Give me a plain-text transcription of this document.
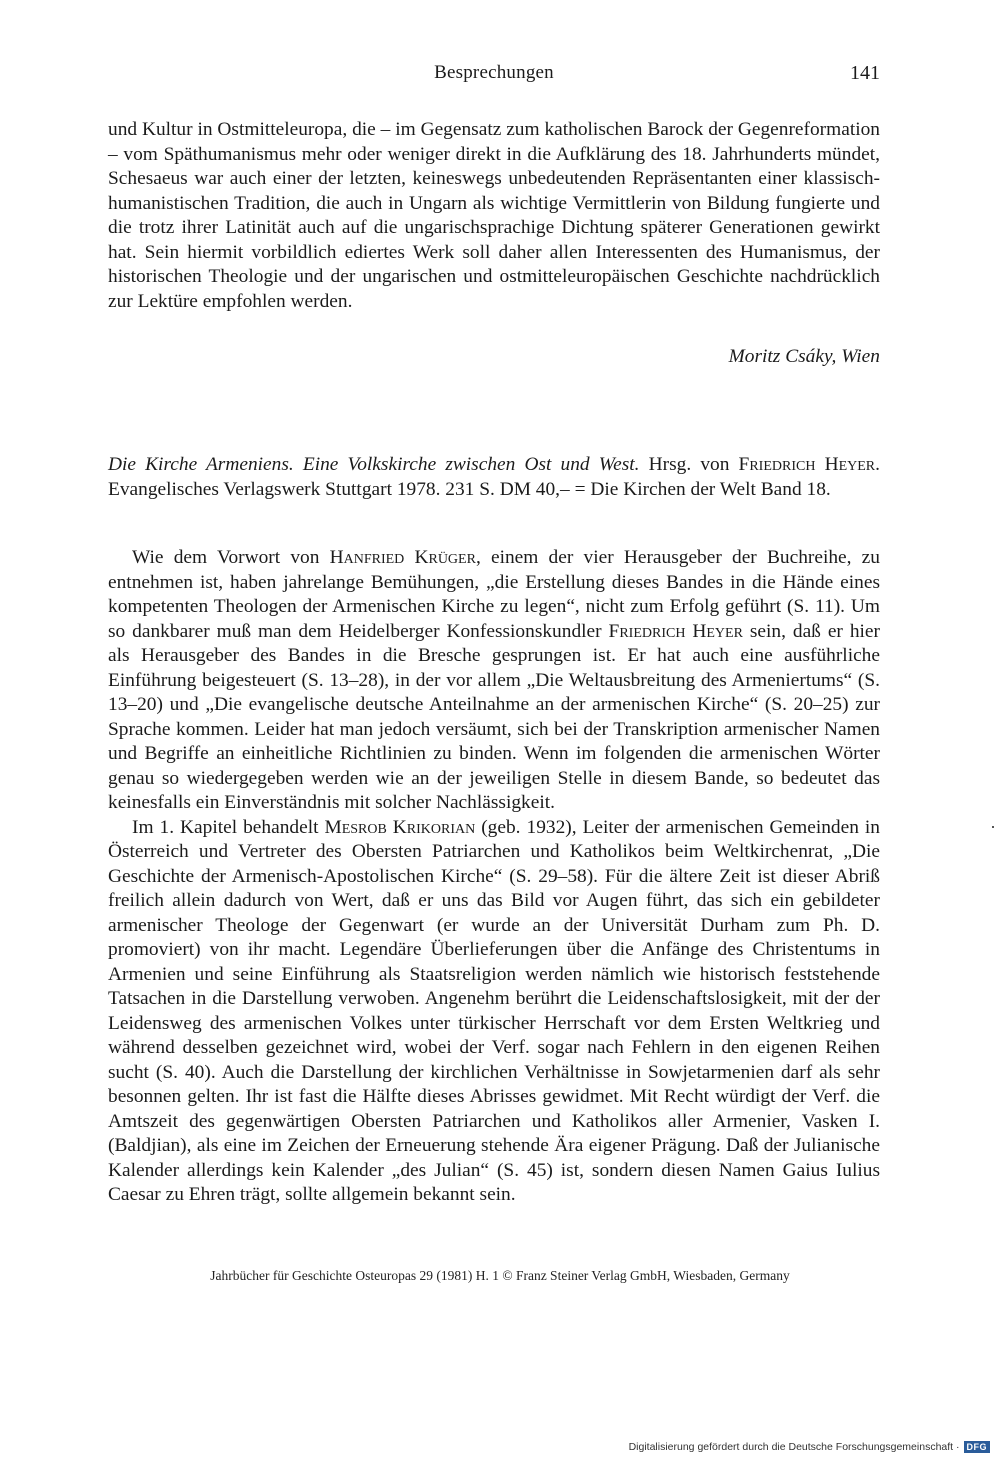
Besprechungen	141

und Kultur in Ostmitteleuropa, die – im Gegensatz zum katholischen Barock der Gegenreformation – vom Späthumanismus mehr oder weniger direkt in die Aufklärung des 18. Jahrhunderts mündet, Schesaeus war auch einer der letzten, keineswegs unbedeutenden Repräsentanten einer klassisch-humanistischen Tradition, die auch in Ungarn als wichtige Vermittlerin von Bildung fungierte und die trotz ihrer Latinität auch auf die ungarischsprachige Dichtung späterer Generationen gewirkt hat. Sein hiermit vorbildlich ediertes Werk soll daher allen Interessenten des Humanismus, der historischen Theologie und der ungarischen und ostmitteleuropäischen Geschichte nachdrücklich zur Lektüre empfohlen werden.

Moritz Csáky, Wien
Die Kirche Armeniens. Eine Volkskirche zwischen Ost und West. Hrsg. von Friedrich Heyer. Evangelisches Verlagswerk Stuttgart 1978. 231 S. DM 40,– = Die Kirchen der Welt Band 18.

Wie dem Vorwort von Hanfried Krüger, einem der vier Herausgeber der Buchreihe, zu entnehmen ist, haben jahrelange Bemühungen, „die Erstellung dieses Bandes in die Hände eines kompetenten Theologen der Armenischen Kirche zu legen“, nicht zum Erfolg geführt (S. 11). Um so dankbarer muß man dem Heidelberger Konfessionskundler Friedrich Heyer sein, daß er hier als Herausgeber des Bandes in die Bresche gesprungen ist. Er hat auch eine ausführliche Einführung beigesteuert (S. 13–28), in der vor allem „Die Weltausbreitung des Armeniertums“ (S. 13–20) und „Die evangelische deutsche Anteilnahme an der armenischen Kirche“ (S. 20–25) zur Sprache kommen. Leider hat man jedoch versäumt, sich bei der Transkription armenischer Namen und Begriffe an einheitliche Richtlinien zu binden. Wenn im folgenden die armenischen Wörter genau so wiedergegeben werden wie an der jeweiligen Stelle in diesem Bande, so bedeutet das keinesfalls ein Einverständnis mit solcher Nachlässigkeit.

Im 1. Kapitel behandelt Mesrob Krikorian (geb. 1932), Leiter der armenischen Gemeinden in Österreich und Vertreter des Obersten Patriarchen und Katholikos beim Weltkirchenrat, „Die Geschichte der Armenisch-Apostolischen Kirche“ (S. 29–58). Für die ältere Zeit ist dieser Abriß freilich allein dadurch von Wert, daß er uns das Bild vor Augen führt, das sich ein gebildeter armenischer Theologe der Gegenwart (er wurde an der Universität Durham zum Ph. D. promoviert) von ihr macht. Legendäre Überlieferungen über die Anfänge des Christentums in Armenien und seine Einführung als Staatsreligion werden nämlich wie historisch feststehende Tatsachen in die Darstellung verwoben. Angenehm berührt die Leidenschaftslosigkeit, mit der der Leidensweg des armenischen Volkes unter türkischer Herrschaft vor dem Ersten Weltkrieg und während desselben gezeichnet wird, wobei der Verf. sogar nach Fehlern in den eigenen Reihen sucht (S. 40). Auch die Darstellung der kirchlichen Verhältnisse in Sowjetarmenien darf als sehr besonnen gelten. Ihr ist fast die Hälfte dieses Abrisses gewidmet. Mit Recht würdigt der Verf. die Amtszeit des gegenwärtigen Obersten Patriarchen und Katholikos aller Armenier, Vasken I. (Baldjian), als eine im Zeichen der Erneuerung stehende Ära eigener Prägung. Daß der Julianische Kalender allerdings kein Kalender „des Julian“ (S. 45) ist, sondern diesen Namen Gaius Iulius Caesar zu Ehren trägt, sollte allgemein bekannt sein.

Jahrbücher für Geschichte Osteuropas 29 (1981) H. 1 © Franz Steiner Verlag GmbH, Wiesbaden, Germany
Digitalisierung gefördert durch die Deutsche Forschungsgemeinschaft · DFG
